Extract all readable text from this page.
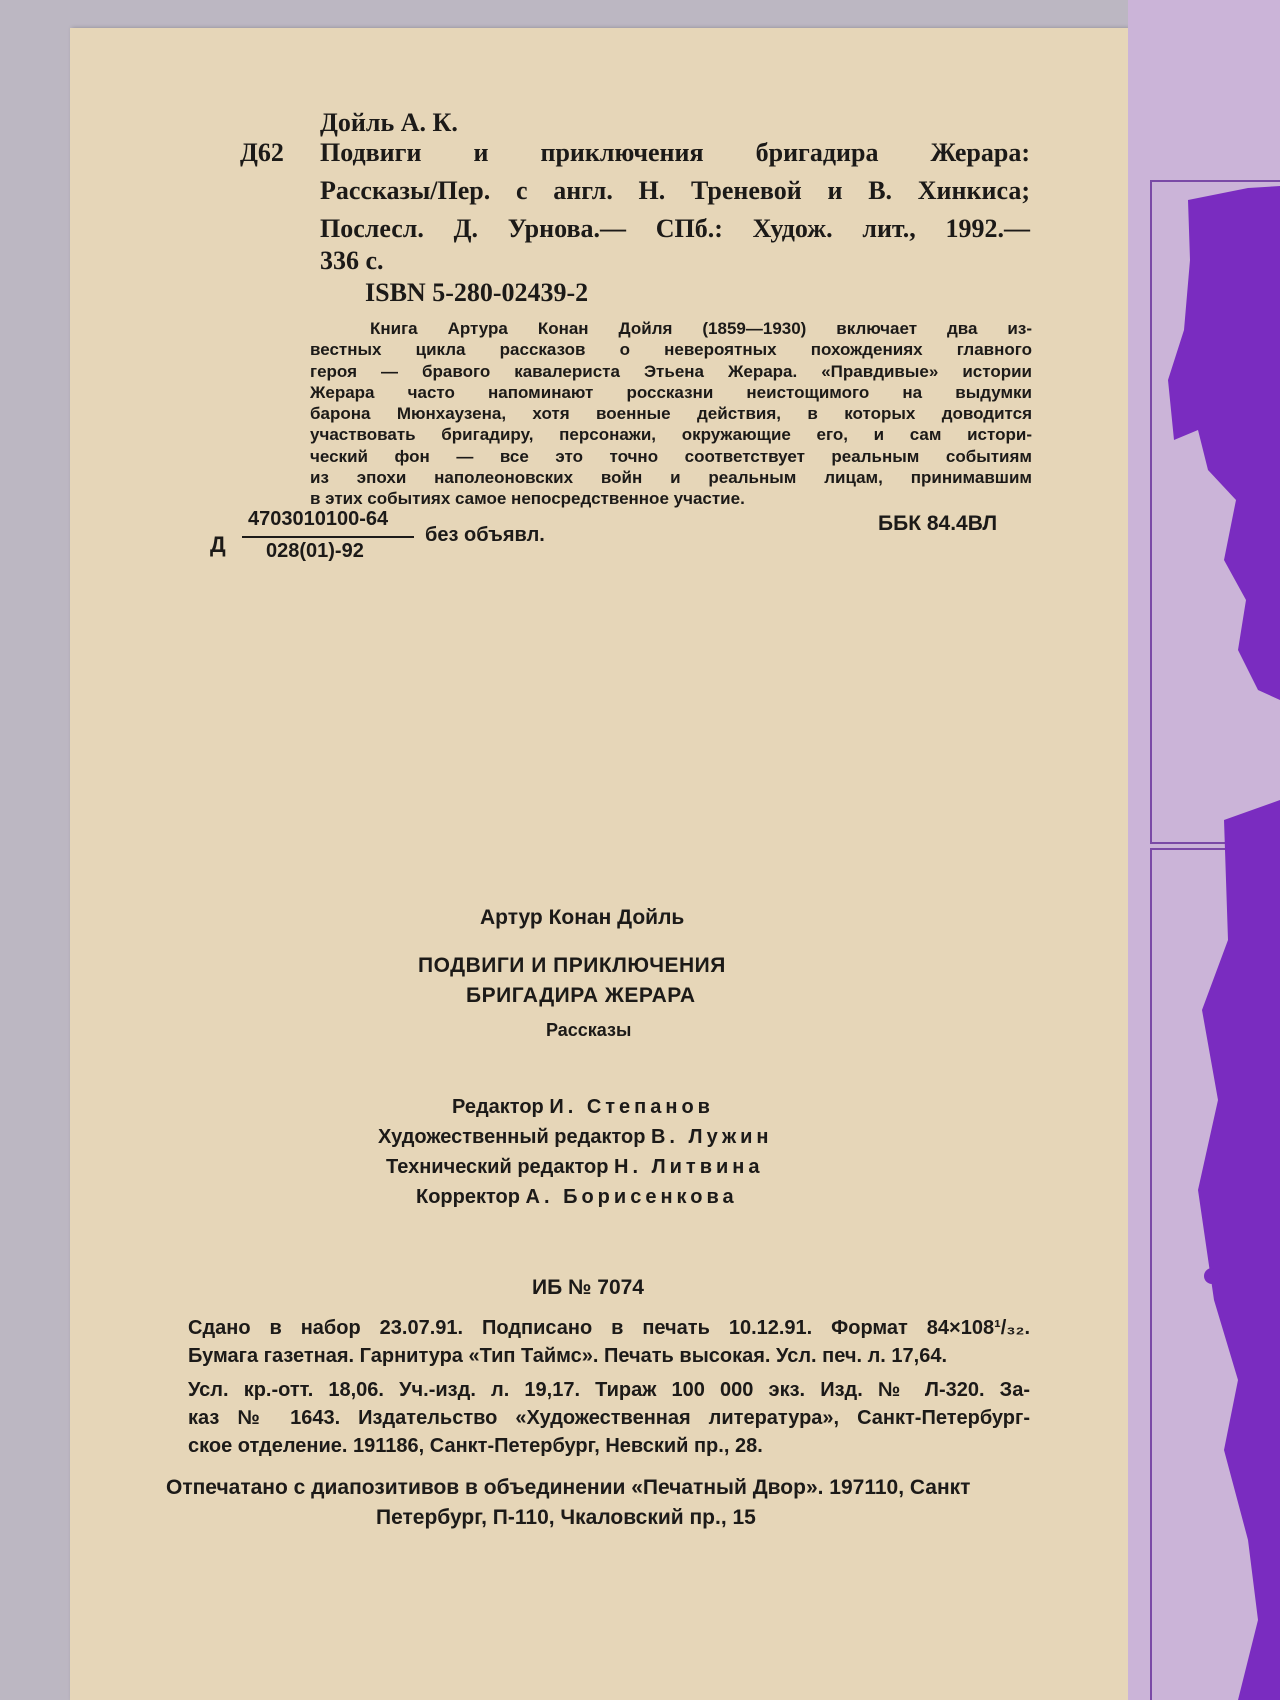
Дойль А. К.
Д62 Подвиги и приключения бригадира Жерара:
Рассказы/Пер. с англ. Н. Треневой и В. Хинкиса;
Послесл. Д. Урнова.— СПб.: Худож. лит., 1992.—
336 с.
ISBN 5-280-02439-2
Книга Артура Конан Дойля (1859—1930) включает два из-
вестных цикла рассказов о невероятных похождениях главного
героя — бравого кавалериста Этьена Жерара. «Правдивые» истории
Жерара часто напоминают россказни неистощимого на выдумки
барона Мюнхаузена, хотя военные действия, в которых доводится
участвовать бригадиру, персонажи, окружающие его, и сам истори-
ческий фон — все это точно соответствует реальным событиям
из эпохи наполеоновских войн и реальным лицам, принимавшим
в этих событиях самое непосредственное участие.
Д
4703010100-64
028(01)-92
без объявл.	ББК 84.4ВЛ
Артур Конан Дойль
ПОДВИГИ И ПРИКЛЮЧЕНИЯ
БРИГАДИРА ЖЕРАРА
Рассказы
Редактор И. Степанов
Художественный редактор В. Лужин
Технический редактор Н. Литвина
Корректор А. Борисенкова
ИБ № 7074
Сдано в набор 23.07.91. Подписано в печать 10.12.91. Формат 84×108¹/₃₂.
Бумага газетная. Гарнитура «Тип Таймс». Печать высокая. Усл. печ. л. 17,64.
Усл. кр.-отт. 18,06. Уч.-изд. л. 19,17. Тираж 100 000 экз. Изд. № Л-320. За-
каз № 1643. Издательство «Художественная литература», Санкт-Петербург-
ское отделение. 191186, Санкт-Петербург, Невский пр., 28.
Отпечатано с диапозитивов в объединении «Печатный Двор». 197110, Санкт
Петербург, П-110, Чкаловский пр., 15
